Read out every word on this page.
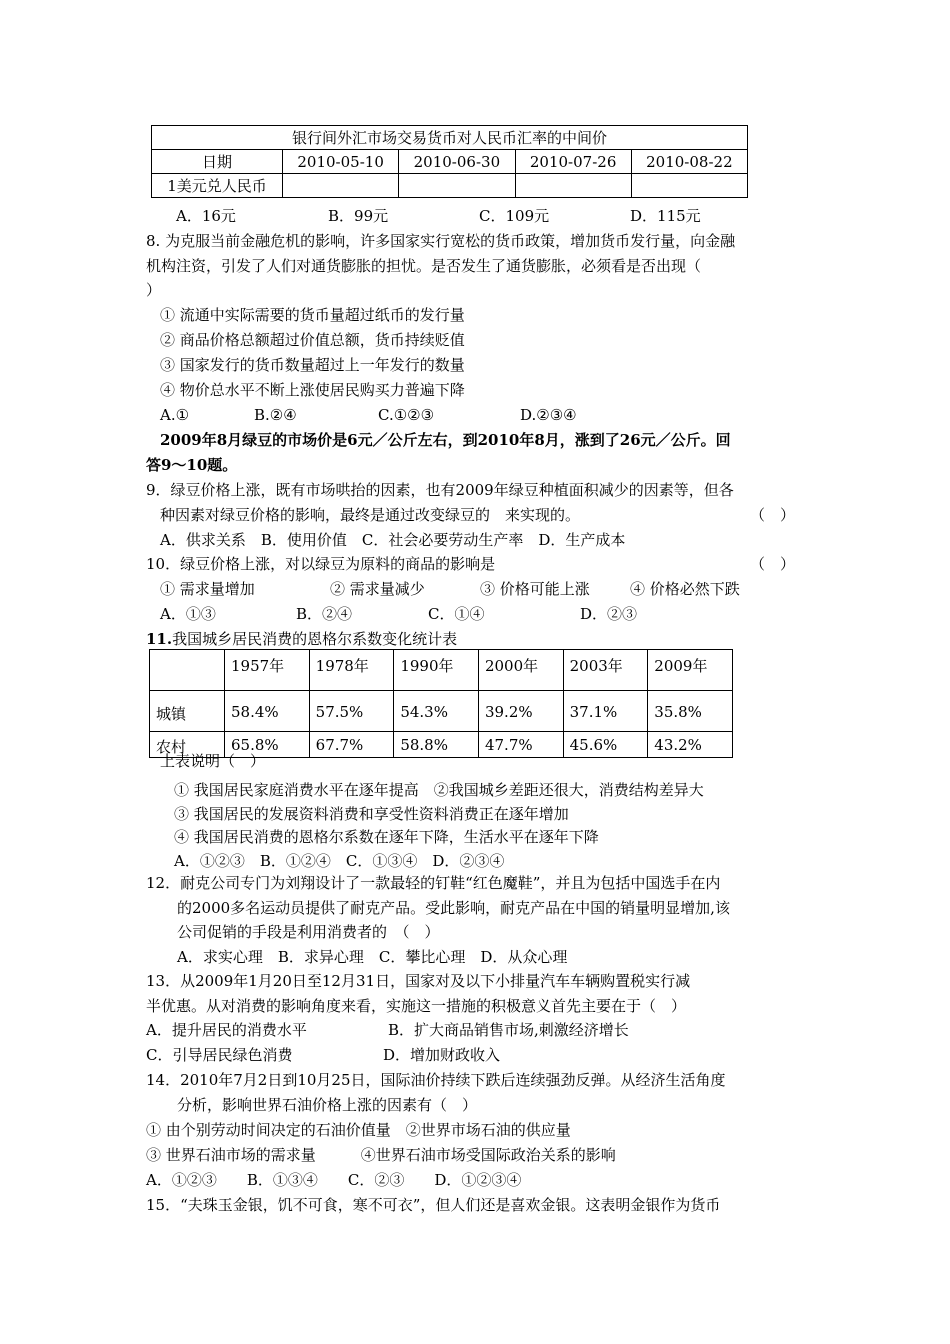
银行间外汇市场交易货币对人民币汇率的中间价				
日期	2010-05-10	2010-06-30	2010-07-26	2010-08-22
1美元兑人民币				
A．16元	B．99元	C．109元	D．115元
8. 为克服当前金融危机的影响，许多国家实行宽松的货币政策，增加货币发行量，向金融
机构注资，引发了人们对通货膨胀的担忧。是否发生了通货膨胀，必须看是否出现（
）
① 流通中实际需要的货币量超过纸币的发行量
② 商品价格总额超过价值总额，货币持续贬值
③ 国家发行的货币数量超过上一年发行的数量
④ 物价总水平不断上涨使居民购买力普遍下降
A.①	B.②④	C.①②③	D.②③④
2009年8月绿豆的市场价是6元／公斤左右，到2010年8月，涨到了26元／公斤。回
答9～10题。
9．绿豆价格上涨，既有市场哄抬的因素，也有2009年绿豆种植面积减少的因素等，但各
种因素对绿豆价格的影响，最终是通过改变绿豆的　来实现的。	（　）
A．供求关系　B．使用价值　C．社会必要劳动生产率　D．生产成本
10．绿豆价格上涨，对以绿豆为原料的商品的影响是	（　）
① 需求量增加	② 需求量减少	③ 价格可能上涨	④ 价格必然下跌
A．①③	B．②④	C．①④	D．②③
11.我国城乡居民消费的恩格尔系数变化统计表
	1957年	1978年	1990年	2000年	2003年	2009年
城镇	58.4%	57.5%	54.3%	39.2%	37.1%	35.8%
农村	65.8%	67.7%	58.8%	47.7%	45.6%	43.2%
上表说明（　）
① 我国居民家庭消费水平在逐年提高　②我国城乡差距还很大，消费结构差异大
③ 我国居民的发展资料消费和享受性资料消费正在逐年增加
④ 我国居民消费的恩格尔系数在逐年下降，生活水平在逐年下降
A．①②③　B．①②④　C．①③④　D．②③④
12．耐克公司专门为刘翔设计了一款最轻的钉鞋“红色魔鞋”，并且为包括中国选手在内
的2000多名运动员提供了耐克产品。受此影响，耐克产品在中国的销量明显增加,该
公司促销的手段是利用消费者的　（　）
A．求实心理　B．求异心理　C．攀比心理　D．从众心理
13．从2009年1月20日至12月31日，国家对及以下小排量汽车车辆购置税实行减
半优惠。从对消费的影响角度来看，实施这一措施的积极意义首先主要在于（　）
A．提升居民的消费水平	B．扩大商品销售市场,刺激经济增长
C．引导居民绿色消费	D．增加财政收入
14．2010年7月2日到10月25日，国际油价持续下跌后连续强劲反弹。从经济生活角度
分析，影响世界石油价格上涨的因素有（　）
① 由个别劳动时间决定的石油价值量　②世界市场石油的供应量
③ 世界石油市场的需求量　　　④世界石油市场受国际政治关系的影响
A．①②③　　B．①③④　　C．②③　　D．①②③④
15．“夫珠玉金银，饥不可食，寒不可衣”，但人们还是喜欢金银。这表明金银作为货币
